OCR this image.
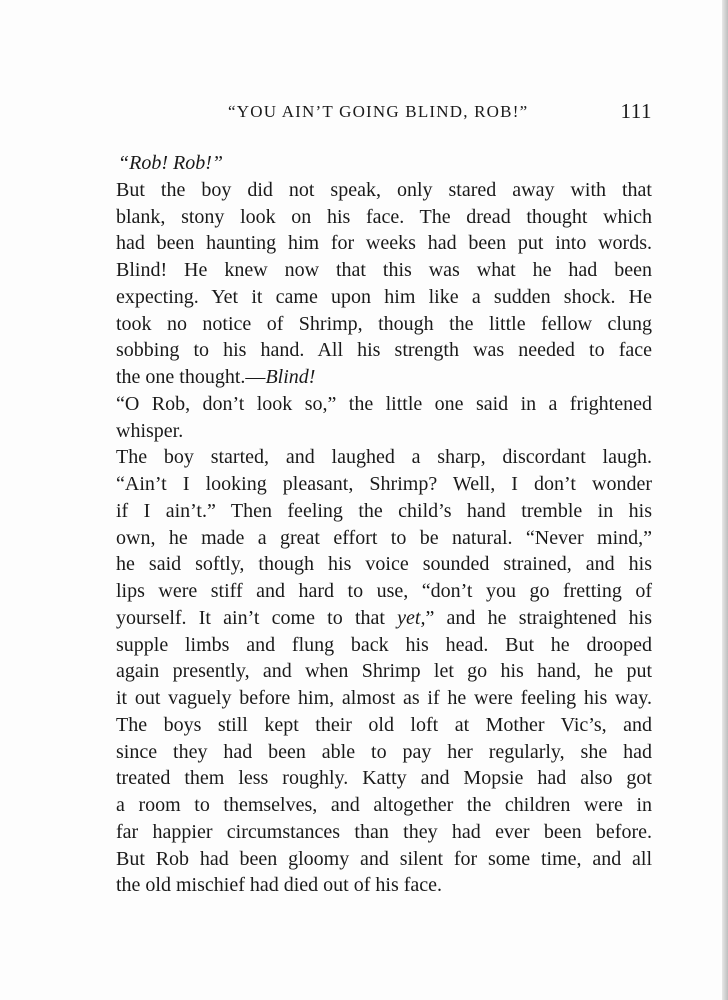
“YOU AIN’T GOING BLIND, ROB!”	111
“Rob! Rob!”
But the boy did not speak, only stared away with that
blank, stony look on his face. The dread thought which
had been haunting him for weeks had been put into words.
Blind! He knew now that this was what he had been
expecting. Yet it came upon him like a sudden shock. He
took no notice of Shrimp, though the little fellow clung
sobbing to his hand. All his strength was needed to face
the one thought.—Blind!
“O Rob, don’t look so,” the little one said in a frightened
whisper.
The boy started, and laughed a sharp, discordant laugh.
“Ain’t I looking pleasant, Shrimp? Well, I don’t wonder
if I ain’t.” Then feeling the child’s hand tremble in his
own, he made a great effort to be natural. “Never mind,”
he said softly, though his voice sounded strained, and his
lips were stiff and hard to use, “don’t you go fretting of
yourself. It ain’t come to that yet,” and he straightened his
supple limbs and flung back his head. But he drooped
again presently, and when Shrimp let go his hand, he put
it out vaguely before him, almost as if he were feeling his way.
The boys still kept their old loft at Mother Vic’s, and
since they had been able to pay her regularly, she had
treated them less roughly. Katty and Mopsie had also got
a room to themselves, and altogether the children were in
far happier circumstances than they had ever been before.
But Rob had been gloomy and silent for some time, and all
the old mischief had died out of his face.
